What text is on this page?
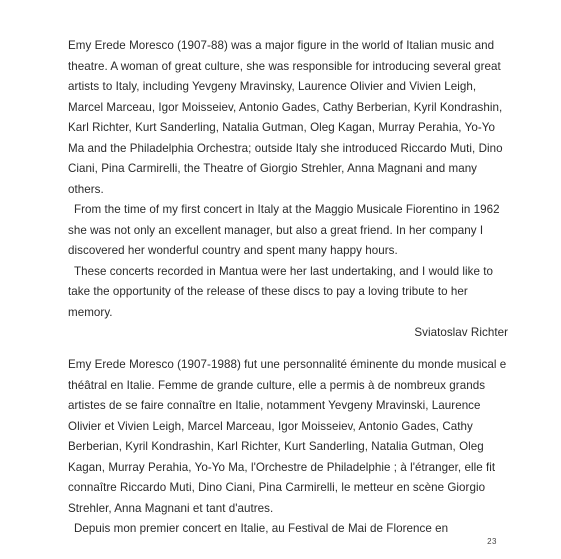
Emy Erede Moresco (1907-88) was a major figure in the world of Italian music and theatre. A woman of great culture, she was responsible for introducing several great artists to Italy, including Yevgeny Mravinsky, Laurence Olivier and Vivien Leigh, Marcel Marceau, Igor Moisseiev, Antonio Gades, Cathy Berberian, Kyril Kondrashin, Karl Richter, Kurt Sanderling, Natalia Gutman, Oleg Kagan, Murray Perahia, Yo-Yo Ma and the Philadelphia Orchestra; outside Italy she introduced Riccardo Muti, Dino Ciani, Pina Carmirelli, the Theatre of Giorgio Strehler, Anna Magnani and many others.

From the time of my first concert in Italy at the Maggio Musicale Fiorentino in 1962 she was not only an excellent manager, but also a great friend. In her company I discovered her wonderful country and spent many happy hours.

These concerts recorded in Mantua were her last undertaking, and I would like to take the opportunity of the release of these discs to pay a loving tribute to her memory.

Sviatoslav Richter

Emy Erede Moresco (1907-1988) fut une personnalité éminente du monde musical e théâtral en Italie. Femme de grande culture, elle a permis à de nombreux grands artistes de se faire connaître en Italie, notamment Yevgeny Mravinski, Laurence Olivier et Vivien Leigh, Marcel Marceau, Igor Moisseiev, Antonio Gades, Cathy Berberian, Kyril Kondrashin, Karl Richter, Kurt Sanderling, Natalia Gutman, Oleg Kagan, Murray Perahia, Yo-Yo Ma, l'Orchestre de Philadelphie ; à l'étranger, elle fit connaître Riccardo Muti, Dino Ciani, Pina Carmirelli, le metteur en scène Giorgio Strehler, Anna Magnani et tant d'autres.

Depuis mon premier concert en Italie, au Festival de Mai de Florence en

23
